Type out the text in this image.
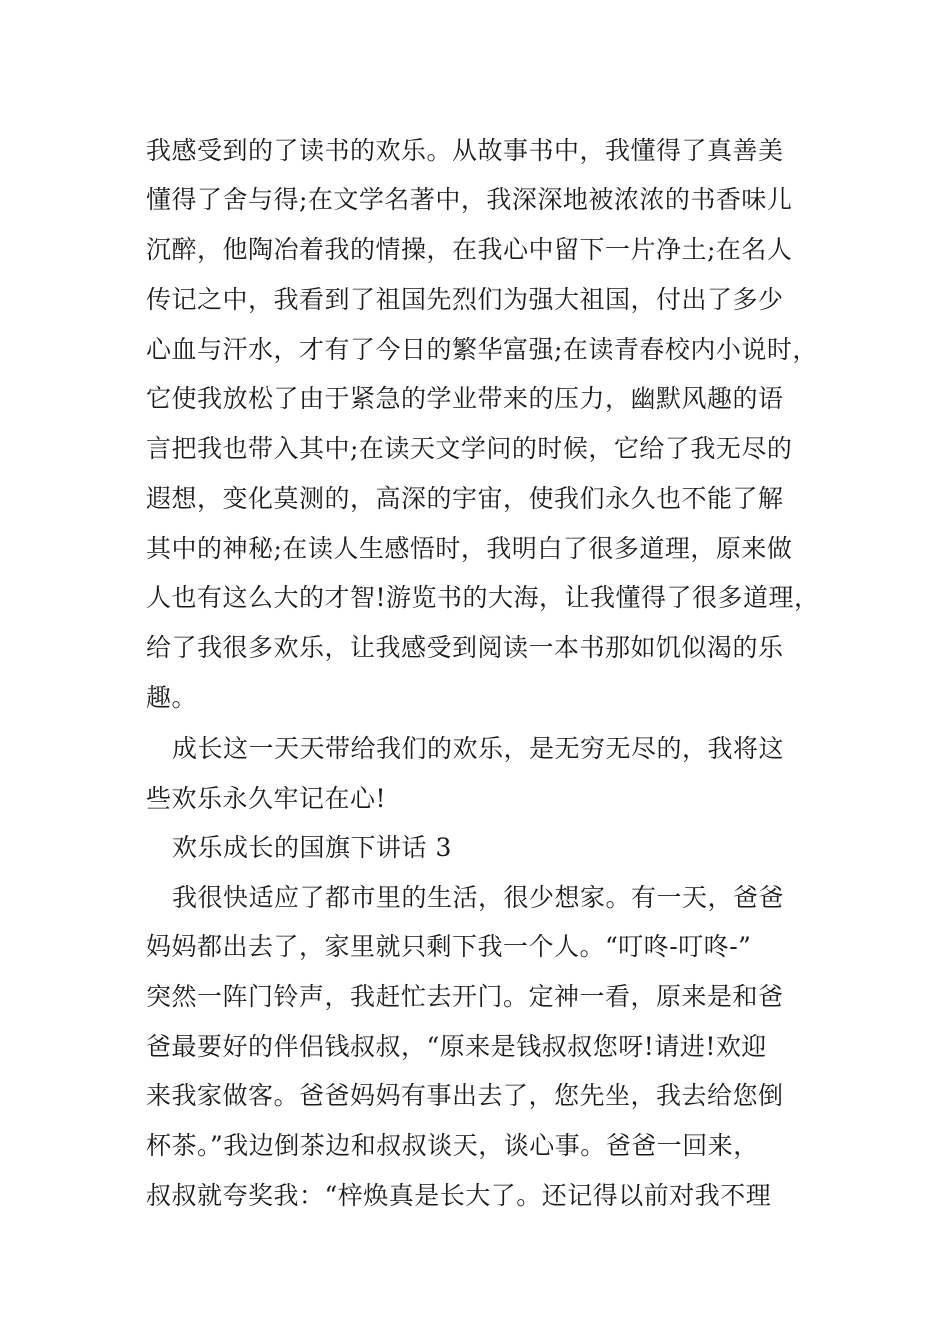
我感受到的了读书的欢乐。从故事书中，我懂得了真善美
懂得了舍与得;在文学名著中，我深深地被浓浓的书香味儿
沉醉，他陶冶着我的情操，在我心中留下一片净土;在名人
传记之中，我看到了祖国先烈们为强大祖国，付出了多少
心血与汗水，才有了今日的繁华富强;在读青春校内小说时，
它使我放松了由于紧急的学业带来的压力，幽默风趣的语
言把我也带入其中;在读天文学问的时候，它给了我无尽的
遐想，变化莫测的，高深的宇宙，使我们永久也不能了解
其中的神秘;在读人生感悟时，我明白了很多道理，原来做
人也有这么大的才智!游览书的大海，让我懂得了很多道理，
给了我很多欢乐，让我感受到阅读一本书那如饥似渴的乐
趣。
成长这一天天带给我们的欢乐，是无穷无尽的，我将这
些欢乐永久牢记在心!
欢乐成长的国旗下讲话 3
我很快适应了都市里的生活，很少想家。有一天，爸爸
妈妈都出去了，家里就只剩下我一个人。“叮咚-叮咚-”
突然一阵门铃声，我赶忙去开门。定神一看，原来是和爸
爸最要好的伴侣钱叔叔，“原来是钱叔叔您呀!请进!欢迎
来我家做客。爸爸妈妈有事出去了，您先坐，我去给您倒
杯茶。”我边倒茶边和叔叔谈天，谈心事。爸爸一回来，
叔叔就夸奖我：“梓焕真是长大了。还记得以前对我不理
